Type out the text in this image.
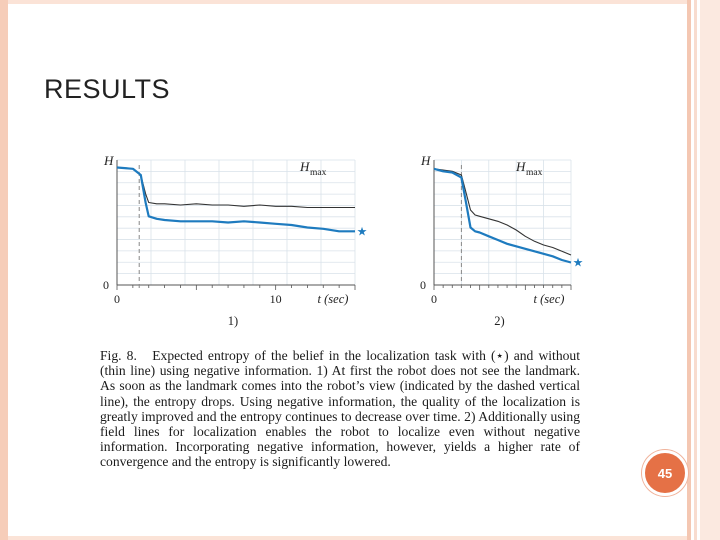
RESULTS
★
H	H max
0
0	10	t (sec)
1)
★
H	H max
0
0	t (sec)
2)
Fig. 8. Expected entropy of the belief in the localization task with (⋆) and without (thin line) using negative information. 1) At first the robot does not see the landmark. As soon as the landmark comes into the robot’s view (indicated by the dashed vertical line), the entropy drops. Using negative information, the quality of the localization is greatly improved and the entropy continues to decrease over time. 2) Additionally using field lines for localization enables the robot to localize even without negative information. Incorporating negative information, however, yields a higher rate of convergence and the entropy is significantly lowered.
45
